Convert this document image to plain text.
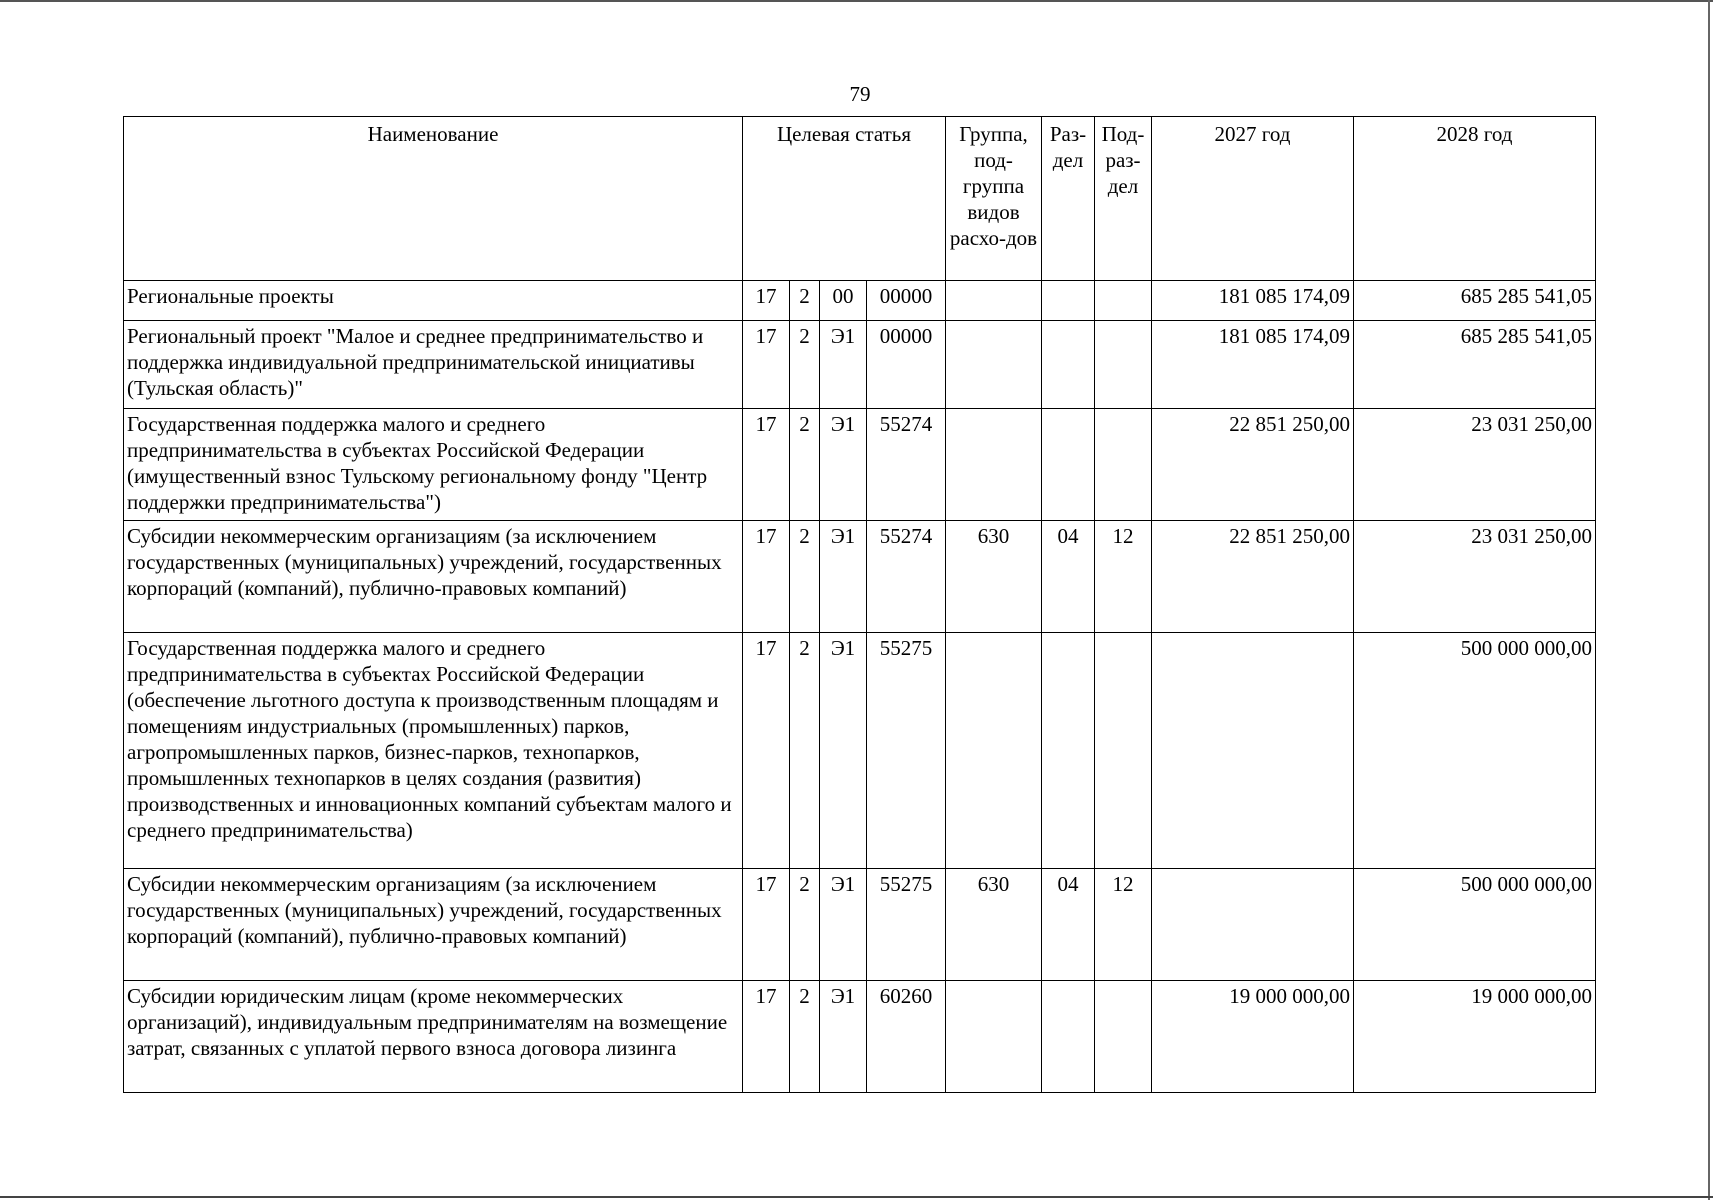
79
Наименование	Целевая статья				Группа, под-группа видов расхо-дов	Раз-дел	Под-раз-дел	2027 год	2028 год
Региональные проекты	17	2	00	00000				181 085 174,09	685 285 541,05
Региональный проект "Малое и среднее предпринимательство и поддержка индивидуальной предпринимательской инициативы (Тульская область)"	17	2	Э1	00000				181 085 174,09	685 285 541,05
Государственная поддержка малого и среднего предпринимательства в субъектах Российской Федерации (имущественный взнос Тульскому региональному фонду "Центр поддержки предпринимательства")	17	2	Э1	55274				22 851 250,00	23 031 250,00
Субсидии некоммерческим организациям (за исключением государственных (муниципальных) учреждений, государственных корпораций (компаний), публично-правовых компаний)	17	2	Э1	55274	630	04	12	22 851 250,00	23 031 250,00
Государственная поддержка малого и среднего предпринимательства в субъектах Российской Федерации (обеспечение льготного доступа к производственным площадям и помещениям индустриальных (промышленных) парков, агропромышленных парков, бизнес-парков, технопарков, промышленных технопарков в целях создания (развития) производственных и инновационных компаний субъектам малого и среднего предпринимательства)	17	2	Э1	55275					500 000 000,00
Субсидии некоммерческим организациям (за исключением государственных (муниципальных) учреждений, государственных корпораций (компаний), публично-правовых компаний)	17	2	Э1	55275	630	04	12		500 000 000,00
Субсидии юридическим лицам (кроме некоммерческих организаций), индивидуальным предпринимателям на возмещение затрат, связанных с уплатой первого взноса договора лизинга	17	2	Э1	60260				19 000 000,00	19 000 000,00
